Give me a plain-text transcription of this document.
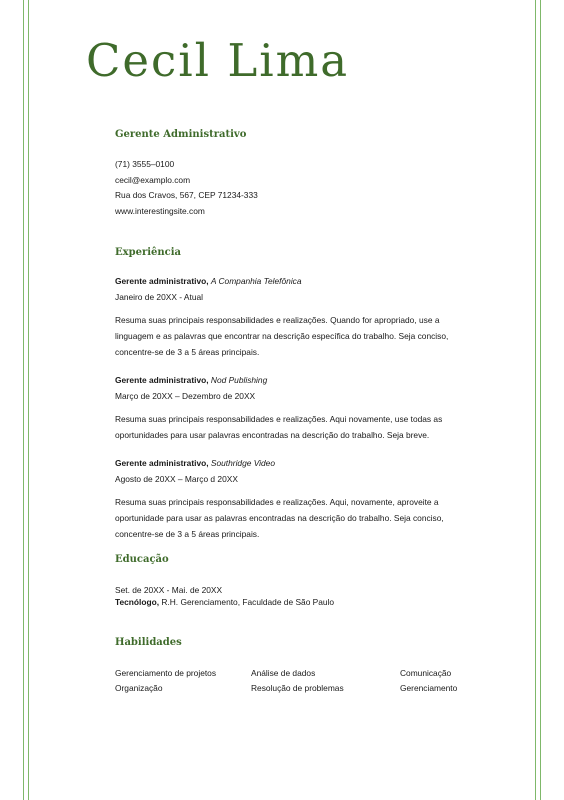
Cecil Lima
Gerente Administrativo
(71) 3555–0100
cecil@examplo.com
Rua dos Cravos, 567, CEP 71234-333
www.interestingsite.com
Experiência
Gerente administrativo, A Companhia Telefônica
Janeiro de 20XX - Atual
Resuma suas principais responsabilidades e realizações. Quando for apropriado, use a linguagem e as palavras que encontrar na descrição específica do trabalho. Seja conciso, concentre-se de 3 a 5 áreas principais.
Gerente administrativo, Nod Publishing
Março de 20XX – Dezembro de 20XX
Resuma suas principais responsabilidades e realizações. Aqui novamente, use todas as oportunidades para usar palavras encontradas na descrição do trabalho. Seja breve.
Gerente administrativo, Southridge Video
Agosto de 20XX – Março d 20XX
Resuma suas principais responsabilidades e realizações. Aqui, novamente, aproveite a oportunidade para usar as palavras encontradas na descrição do trabalho. Seja conciso, concentre-se de 3 a 5 áreas principais.
Educação
Set. de 20XX - Mai. de 20XX
Tecnólogo, R.H. Gerenciamento, Faculdade de São Paulo
Habilidades
Gerenciamento de projetos	Análise de dados	Comunicação
Organização	Resolução de problemas	Gerenciamento
